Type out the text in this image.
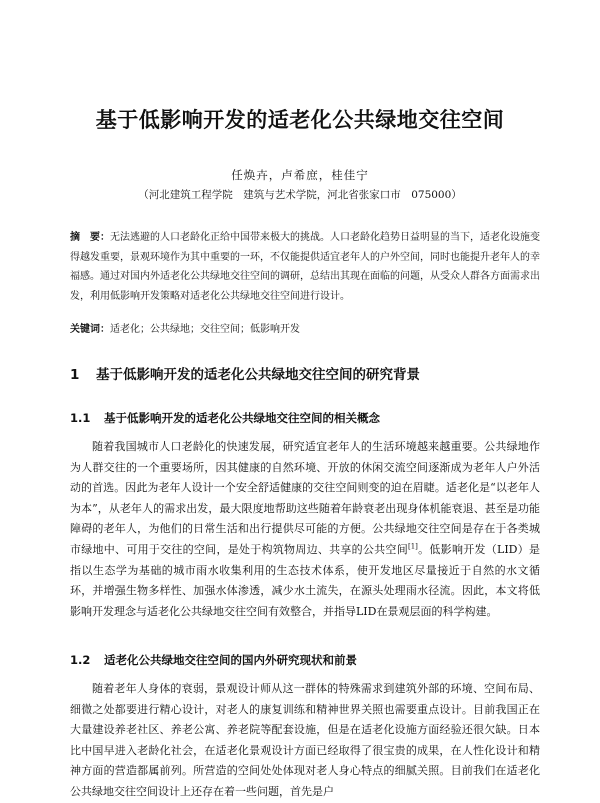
基于低影响开发的适老化公共绿地交往空间
任焕卉，卢希庶，桂佳宁
（河北建筑工程学院　建筑与艺术学院，河北省张家口市　075000）
摘　要：无法逃避的人口老龄化正给中国带来极大的挑战。人口老龄化趋势日益明显的当下，适老化设施变得越发重要，景观环境作为其中重要的一环，不仅能提供适宜老年人的户外空间，同时也能提升老年人的幸福感。通过对国内外适老化公共绿地交往空间的调研，总结出其现在面临的问题，从受众人群各方面需求出发，利用低影响开发策略对适老化公共绿地交往空间进行设计。
关键词：适老化；公共绿地；交往空间；低影响开发
1 基于低影响开发的适老化公共绿地交往空间的研究背景
1.1 基于低影响开发的适老化公共绿地交往空间的相关概念
随着我国城市人口老龄化的快速发展，研究适宜老年人的生活环境越来越重要。公共绿地作为人群交往的一个重要场所，因其健康的自然环境、开放的休闲交流空间逐渐成为老年人户外活动的首选。因此为老年人设计一个安全舒适健康的交往空间则变的迫在眉睫。适老化是“以老年人为本”，从老年人的需求出发，最大限度地帮助这些随着年龄衰老出现身体机能衰退、甚至是功能障碍的老年人，为他们的日常生活和出行提供尽可能的方便。公共绿地交往空间是存在于各类城市绿地中、可用于交往的空间，是处于构筑物周边、共享的公共空间[1]。低影响开发（LID）是指以生态学为基础的城市雨水收集利用的生态技术体系，使开发地区尽量接近于自然的水文循环，并增强生物多样性、加强水体渗透，减少水土流失，在源头处理雨水径流。因此，本文将低影响开发理念与适老化公共绿地交往空间有效整合，并指导LID在景观层面的科学构建。
1.2 适老化公共绿地交往空间的国内外研究现状和前景
随着老年人身体的衰弱，景观设计师从这一群体的特殊需求到建筑外部的环境、空间布局、细微之处都要进行精心设计，对老人的康复训练和精神世界关照也需要重点设计。目前我国正在大量建设养老社区、养老公寓、养老院等配套设施，但是在适老化设施方面经验还很欠缺。日本比中国早进入老龄化社会，在适老化景观设计方面已经取得了很宝贵的成果，在人性化设计和精神方面的营造都属前列。所营造的空间处处体现对老人身心特点的细腻关照。目前我们在适老化公共绿地交往空间设计上还存在着一些问题，首先是户
